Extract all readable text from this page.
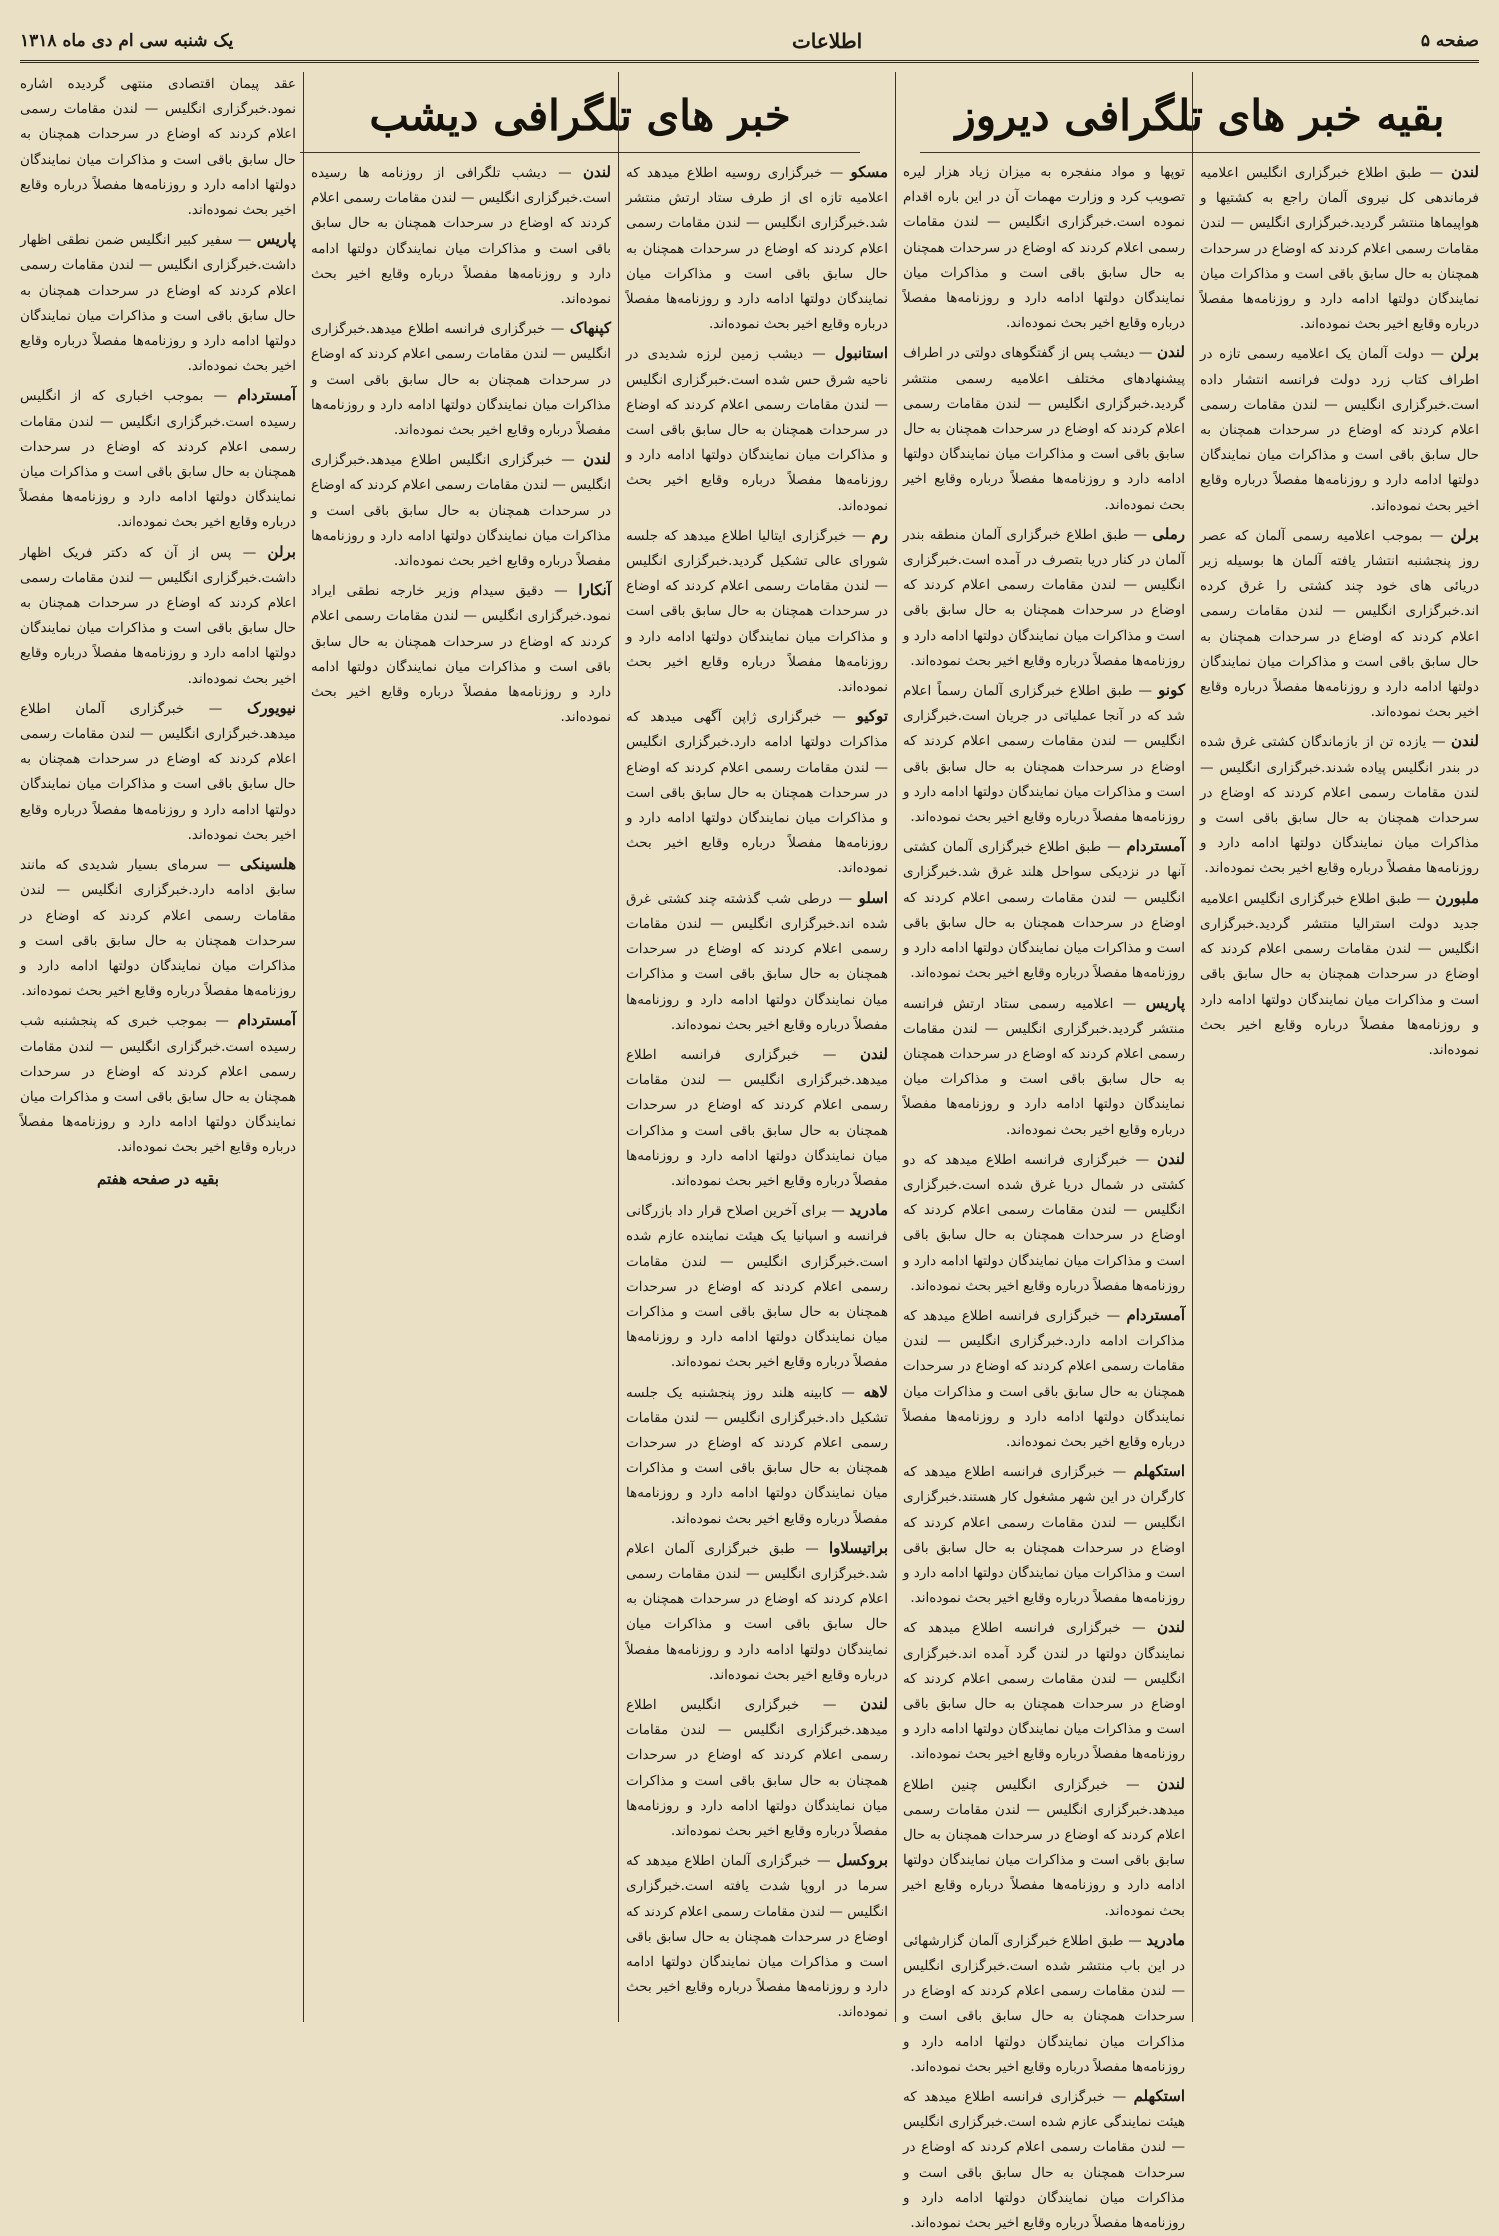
صفحه ۵
اطلاعات
یک شنبه سی ام دی ماه ۱۳۱۸
بقیه خبر های تلگرافی دیروز
خبر های تلگرافی دیشب

لندن — طبق اطلاع خبرگزاری انگلیس اعلامیه فرماندهی کل نیروی آلمان راجع به کشتیها و هواپیماها منتشر گردید. خبرگزاری انگلیس — لندن مقامات رسمی اعلام کردند که اوضاع در سرحدات همچنان به حال سابق باقی است و مذاکرات میان نمایندگان دولتها ادامه دارد و روزنامه‌ها مفصلاً درباره وقایع اخیر بحث نموده‌اند.

برلن — دولت آلمان یک اعلامیه رسمی تازه در اطراف کتاب زرد دولت فرانسه انتشار داده است. خبرگزاری انگلیس — لندن مقامات رسمی اعلام کردند که اوضاع در سرحدات همچنان به حال سابق باقی است و مذاکرات میان نمایندگان دولتها ادامه دارد و روزنامه‌ها مفصلاً درباره وقایع اخیر بحث نموده‌اند.

برلن — بموجب اعلامیه رسمی آلمان که عصر روز پنجشنبه انتشار یافته آلمان ها بوسیله زیر دریائی های خود چند کشتی را غرق کرده اند. خبرگزاری انگلیس — لندن مقامات رسمی اعلام کردند که اوضاع در سرحدات همچنان به حال سابق باقی است و مذاکرات میان نمایندگان دولتها ادامه دارد و روزنامه‌ها مفصلاً درباره وقایع اخیر بحث نموده‌اند.

لندن — یازده تن از بازماندگان کشتی غرق شده در بندر انگلیس پیاده شدند. خبرگزاری انگلیس — لندن مقامات رسمی اعلام کردند که اوضاع در سرحدات همچنان به حال سابق باقی است و مذاکرات میان نمایندگان دولتها ادامه دارد و روزنامه‌ها مفصلاً درباره وقایع اخیر بحث نموده‌اند.

ملبورن — طبق اطلاع خبرگزاری انگلیس اعلامیه جدید دولت استرالیا منتشر گردید. خبرگزاری انگلیس — لندن مقامات رسمی اعلام کردند که اوضاع در سرحدات همچنان به حال سابق باقی است و مذاکرات میان نمایندگان دولتها ادامه دارد و روزنامه‌ها مفصلاً درباره وقایع اخیر بحث نموده‌اند.

توپها و مواد منفجره به میزان زیاد هزار لیره تصویب کرد و وزارت مهمات آن در این باره اقدام نموده است. خبرگزاری انگلیس — لندن مقامات رسمی اعلام کردند که اوضاع در سرحدات همچنان به حال سابق باقی است و مذاکرات میان نمایندگان دولتها ادامه دارد و روزنامه‌ها مفصلاً درباره وقایع اخیر بحث نموده‌اند.

لندن — دیشب پس از گفتگوهای دولتی در اطراف پیشنهادهای مختلف اعلامیه رسمی منتشر گردید. خبرگزاری انگلیس — لندن مقامات رسمی اعلام کردند که اوضاع در سرحدات همچنان به حال سابق باقی است و مذاکرات میان نمایندگان دولتها ادامه دارد و روزنامه‌ها مفصلاً درباره وقایع اخیر بحث نموده‌اند.

رملی — طبق اطلاع خبرگزاری آلمان منطقه بندر آلمان در کنار دریا بتصرف در آمده است. خبرگزاری انگلیس — لندن مقامات رسمی اعلام کردند که اوضاع در سرحدات همچنان به حال سابق باقی است و مذاکرات میان نمایندگان دولتها ادامه دارد و روزنامه‌ها مفصلاً درباره وقایع اخیر بحث نموده‌اند.

کونو — طبق اطلاع خبرگزاری آلمان رسماً اعلام شد که در آنجا عملیاتی در جریان است. خبرگزاری انگلیس — لندن مقامات رسمی اعلام کردند که اوضاع در سرحدات همچنان به حال سابق باقی است و مذاکرات میان نمایندگان دولتها ادامه دارد و روزنامه‌ها مفصلاً درباره وقایع اخیر بحث نموده‌اند.

آمستردام — طبق اطلاع خبرگزاری آلمان کشتی آنها در نزدیکی سواحل هلند غرق شد. خبرگزاری انگلیس — لندن مقامات رسمی اعلام کردند که اوضاع در سرحدات همچنان به حال سابق باقی است و مذاکرات میان نمایندگان دولتها ادامه دارد و روزنامه‌ها مفصلاً درباره وقایع اخیر بحث نموده‌اند.

پاریس — اعلامیه رسمی ستاد ارتش فرانسه منتشر گردید. خبرگزاری انگلیس — لندن مقامات رسمی اعلام کردند که اوضاع در سرحدات همچنان به حال سابق باقی است و مذاکرات میان نمایندگان دولتها ادامه دارد و روزنامه‌ها مفصلاً درباره وقایع اخیر بحث نموده‌اند.

لندن — خبرگزاری فرانسه اطلاع میدهد که دو کشتی در شمال دریا غرق شده است. خبرگزاری انگلیس — لندن مقامات رسمی اعلام کردند که اوضاع در سرحدات همچنان به حال سابق باقی است و مذاکرات میان نمایندگان دولتها ادامه دارد و روزنامه‌ها مفصلاً درباره وقایع اخیر بحث نموده‌اند.

آمستردام — خبرگزاری فرانسه اطلاع میدهد که مذاکرات ادامه دارد. خبرگزاری انگلیس — لندن مقامات رسمی اعلام کردند که اوضاع در سرحدات همچنان به حال سابق باقی است و مذاکرات میان نمایندگان دولتها ادامه دارد و روزنامه‌ها مفصلاً درباره وقایع اخیر بحث نموده‌اند.

استکهلم — خبرگزاری فرانسه اطلاع میدهد که کارگران در این شهر مشغول کار هستند. خبرگزاری انگلیس — لندن مقامات رسمی اعلام کردند که اوضاع در سرحدات همچنان به حال سابق باقی است و مذاکرات میان نمایندگان دولتها ادامه دارد و روزنامه‌ها مفصلاً درباره وقایع اخیر بحث نموده‌اند.

لندن — خبرگزاری فرانسه اطلاع میدهد که نمایندگان دولتها در لندن گرد آمده اند. خبرگزاری انگلیس — لندن مقامات رسمی اعلام کردند که اوضاع در سرحدات همچنان به حال سابق باقی است و مذاکرات میان نمایندگان دولتها ادامه دارد و روزنامه‌ها مفصلاً درباره وقایع اخیر بحث نموده‌اند.

لندن — خبرگزاری انگلیس چنین اطلاع میدهد. خبرگزاری انگلیس — لندن مقامات رسمی اعلام کردند که اوضاع در سرحدات همچنان به حال سابق باقی است و مذاکرات میان نمایندگان دولتها ادامه دارد و روزنامه‌ها مفصلاً درباره وقایع اخیر بحث نموده‌اند.

مادرید — طبق اطلاع خبرگزاری آلمان گزارشهائی در این باب منتشر شده است. خبرگزاری انگلیس — لندن مقامات رسمی اعلام کردند که اوضاع در سرحدات همچنان به حال سابق باقی است و مذاکرات میان نمایندگان دولتها ادامه دارد و روزنامه‌ها مفصلاً درباره وقایع اخیر بحث نموده‌اند.

استکهلم — خبرگزاری فرانسه اطلاع میدهد که هیئت نمایندگی عازم شده است. خبرگزاری انگلیس — لندن مقامات رسمی اعلام کردند که اوضاع در سرحدات همچنان به حال سابق باقی است و مذاکرات میان نمایندگان دولتها ادامه دارد و روزنامه‌ها مفصلاً درباره وقایع اخیر بحث نموده‌اند.

مسکو — خبرگزاری روسیه اطلاع میدهد که اعلامیه تازه ای از طرف ستاد ارتش منتشر شد. خبرگزاری انگلیس — لندن مقامات رسمی اعلام کردند که اوضاع در سرحدات همچنان به حال سابق باقی است و مذاکرات میان نمایندگان دولتها ادامه دارد و روزنامه‌ها مفصلاً درباره وقایع اخیر بحث نموده‌اند.

استانبول — دیشب زمین لرزه شدیدی در ناحیه شرق حس شده است. خبرگزاری انگلیس — لندن مقامات رسمی اعلام کردند که اوضاع در سرحدات همچنان به حال سابق باقی است و مذاکرات میان نمایندگان دولتها ادامه دارد و روزنامه‌ها مفصلاً درباره وقایع اخیر بحث نموده‌اند.

رم — خبرگزاری ایتالیا اطلاع میدهد که جلسه شورای عالی تشکیل گردید. خبرگزاری انگلیس — لندن مقامات رسمی اعلام کردند که اوضاع در سرحدات همچنان به حال سابق باقی است و مذاکرات میان نمایندگان دولتها ادامه دارد و روزنامه‌ها مفصلاً درباره وقایع اخیر بحث نموده‌اند.

توکیو — خبرگزاری ژاپن آگهی میدهد که مذاکرات دولتها ادامه دارد. خبرگزاری انگلیس — لندن مقامات رسمی اعلام کردند که اوضاع در سرحدات همچنان به حال سابق باقی است و مذاکرات میان نمایندگان دولتها ادامه دارد و روزنامه‌ها مفصلاً درباره وقایع اخیر بحث نموده‌اند.

اسلو — درطی شب گذشته چند کشتی غرق شده اند. خبرگزاری انگلیس — لندن مقامات رسمی اعلام کردند که اوضاع در سرحدات همچنان به حال سابق باقی است و مذاکرات میان نمایندگان دولتها ادامه دارد و روزنامه‌ها مفصلاً درباره وقایع اخیر بحث نموده‌اند.

لندن — خبرگزاری فرانسه اطلاع میدهد. خبرگزاری انگلیس — لندن مقامات رسمی اعلام کردند که اوضاع در سرحدات همچنان به حال سابق باقی است و مذاکرات میان نمایندگان دولتها ادامه دارد و روزنامه‌ها مفصلاً درباره وقایع اخیر بحث نموده‌اند.

مادرید — برای آخرین اصلاح قرار داد بازرگانی فرانسه و اسپانیا یک هیئت نماینده عازم شده است. خبرگزاری انگلیس — لندن مقامات رسمی اعلام کردند که اوضاع در سرحدات همچنان به حال سابق باقی است و مذاکرات میان نمایندگان دولتها ادامه دارد و روزنامه‌ها مفصلاً درباره وقایع اخیر بحث نموده‌اند.

لاهه — کابینه هلند روز پنجشنبه یک جلسه تشکیل داد. خبرگزاری انگلیس — لندن مقامات رسمی اعلام کردند که اوضاع در سرحدات همچنان به حال سابق باقی است و مذاکرات میان نمایندگان دولتها ادامه دارد و روزنامه‌ها مفصلاً درباره وقایع اخیر بحث نموده‌اند.

براتیسلاوا — طبق خبرگزاری آلمان اعلام شد. خبرگزاری انگلیس — لندن مقامات رسمی اعلام کردند که اوضاع در سرحدات همچنان به حال سابق باقی است و مذاکرات میان نمایندگان دولتها ادامه دارد و روزنامه‌ها مفصلاً درباره وقایع اخیر بحث نموده‌اند.

لندن — خبرگزاری انگلیس اطلاع میدهد. خبرگزاری انگلیس — لندن مقامات رسمی اعلام کردند که اوضاع در سرحدات همچنان به حال سابق باقی است و مذاکرات میان نمایندگان دولتها ادامه دارد و روزنامه‌ها مفصلاً درباره وقایع اخیر بحث نموده‌اند.

بروکسل — خبرگزاری آلمان اطلاع میدهد که سرما در اروپا شدت یافته است. خبرگزاری انگلیس — لندن مقامات رسمی اعلام کردند که اوضاع در سرحدات همچنان به حال سابق باقی است و مذاکرات میان نمایندگان دولتها ادامه دارد و روزنامه‌ها مفصلاً درباره وقایع اخیر بحث نموده‌اند.

لندن — دیشب تلگرافی از روزنامه ها رسیده است. خبرگزاری انگلیس — لندن مقامات رسمی اعلام کردند که اوضاع در سرحدات همچنان به حال سابق باقی است و مذاکرات میان نمایندگان دولتها ادامه دارد و روزنامه‌ها مفصلاً درباره وقایع اخیر بحث نموده‌اند.

کپنهاک — خبرگزاری فرانسه اطلاع میدهد. خبرگزاری انگلیس — لندن مقامات رسمی اعلام کردند که اوضاع در سرحدات همچنان به حال سابق باقی است و مذاکرات میان نمایندگان دولتها ادامه دارد و روزنامه‌ها مفصلاً درباره وقایع اخیر بحث نموده‌اند.

لندن — خبرگزاری انگلیس اطلاع میدهد. خبرگزاری انگلیس — لندن مقامات رسمی اعلام کردند که اوضاع در سرحدات همچنان به حال سابق باقی است و مذاکرات میان نمایندگان دولتها ادامه دارد و روزنامه‌ها مفصلاً درباره وقایع اخیر بحث نموده‌اند.

آنکارا — دقیق سیدام وزیر خارجه نطقی ایراد نمود. خبرگزاری انگلیس — لندن مقامات رسمی اعلام کردند که اوضاع در سرحدات همچنان به حال سابق باقی است و مذاکرات میان نمایندگان دولتها ادامه دارد و روزنامه‌ها مفصلاً درباره وقایع اخیر بحث نموده‌اند.

عقد پیمان اقتصادی منتهی گردیده اشاره نمود. خبرگزاری انگلیس — لندن مقامات رسمی اعلام کردند که اوضاع در سرحدات همچنان به حال سابق باقی است و مذاکرات میان نمایندگان دولتها ادامه دارد و روزنامه‌ها مفصلاً درباره وقایع اخیر بحث نموده‌اند.

پاریس — سفیر کبیر انگلیس ضمن نطقی اظهار داشت. خبرگزاری انگلیس — لندن مقامات رسمی اعلام کردند که اوضاع در سرحدات همچنان به حال سابق باقی است و مذاکرات میان نمایندگان دولتها ادامه دارد و روزنامه‌ها مفصلاً درباره وقایع اخیر بحث نموده‌اند.

آمستردام — بموجب اخباری که از انگلیس رسیده است. خبرگزاری انگلیس — لندن مقامات رسمی اعلام کردند که اوضاع در سرحدات همچنان به حال سابق باقی است و مذاکرات میان نمایندگان دولتها ادامه دارد و روزنامه‌ها مفصلاً درباره وقایع اخیر بحث نموده‌اند.

برلن — پس از آن که دکتر فریک اظهار داشت. خبرگزاری انگلیس — لندن مقامات رسمی اعلام کردند که اوضاع در سرحدات همچنان به حال سابق باقی است و مذاکرات میان نمایندگان دولتها ادامه دارد و روزنامه‌ها مفصلاً درباره وقایع اخیر بحث نموده‌اند.

نیویورک — خبرگزاری آلمان اطلاع میدهد. خبرگزاری انگلیس — لندن مقامات رسمی اعلام کردند که اوضاع در سرحدات همچنان به حال سابق باقی است و مذاکرات میان نمایندگان دولتها ادامه دارد و روزنامه‌ها مفصلاً درباره وقایع اخیر بحث نموده‌اند.

هلسینکی — سرمای بسیار شدیدی که مانند سابق ادامه دارد. خبرگزاری انگلیس — لندن مقامات رسمی اعلام کردند که اوضاع در سرحدات همچنان به حال سابق باقی است و مذاکرات میان نمایندگان دولتها ادامه دارد و روزنامه‌ها مفصلاً درباره وقایع اخیر بحث نموده‌اند.

آمستردام — بموجب خبری که پنجشنبه شب رسیده است. خبرگزاری انگلیس — لندن مقامات رسمی اعلام کردند که اوضاع در سرحدات همچنان به حال سابق باقی است و مذاکرات میان نمایندگان دولتها ادامه دارد و روزنامه‌ها مفصلاً درباره وقایع اخیر بحث نموده‌اند.

بقیه در صفحه هفتم
